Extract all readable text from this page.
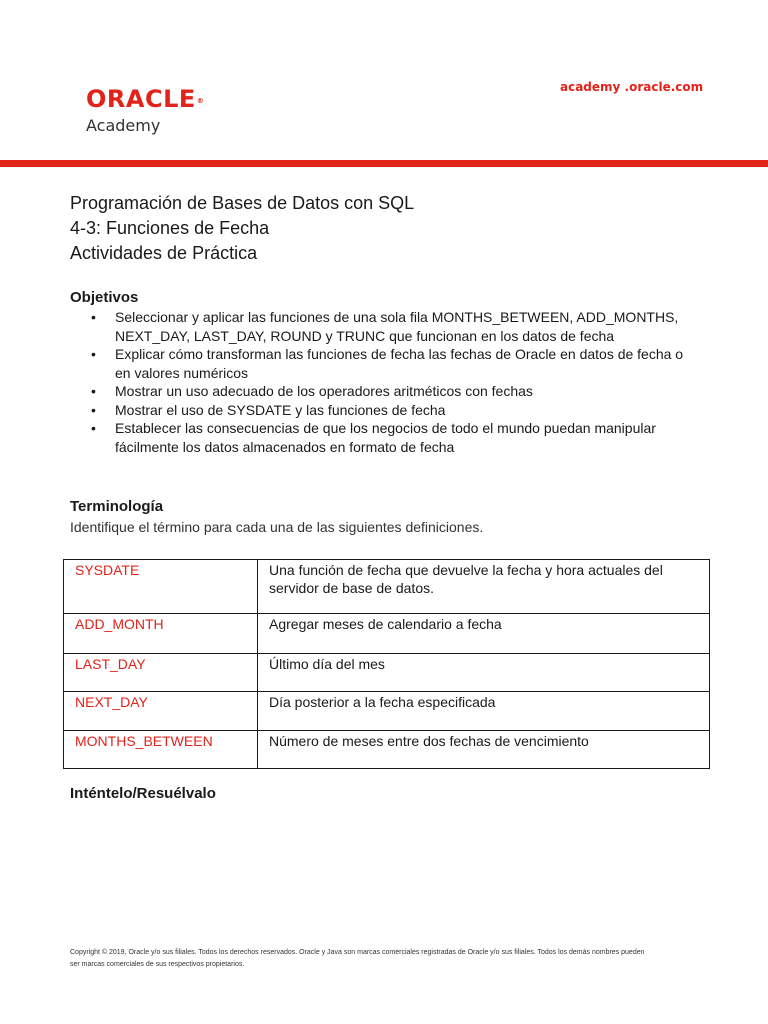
ORACLE®
Academy
academy .oracle.com
Programación de Bases de Datos con SQL
4-3: Funciones de Fecha
Actividades de Práctica
Objetivos
• Seleccionar y aplicar las funciones de una sola fila MONTHS_BETWEEN, ADD_MONTHS, NEXT_DAY, LAST_DAY, ROUND y TRUNC que funcionan en los datos de fecha
• Explicar cómo transforman las funciones de fecha las fechas de Oracle en datos de fecha o en valores numéricos
• Mostrar un uso adecuado de los operadores aritméticos con fechas
• Mostrar el uso de SYSDATE y las funciones de fecha
• Establecer las consecuencias de que los negocios de todo el mundo puedan manipular fácilmente los datos almacenados en formato de fecha
Terminología
Identifique el término para cada una de las siguientes definiciones.
SYSDATE	Una función de fecha que devuelve la fecha y hora actuales del servidor de base de datos.
ADD_MONTH	Agregar meses de calendario a fecha
LAST_DAY	Último día del mes
NEXT_DAY	Día posterior a la fecha especificada
MONTHS_BETWEEN	Número de meses entre dos fechas de vencimiento
Inténtelo/Resuélvalo
Copyright © 2019, Oracle y/o sus filiales. Todos los derechos reservados. Oracle y Java son marcas comerciales registradas de Oracle y/o sus filiales. Todos los demás nombres pueden
ser marcas comerciales de sus respectivos propietarios.
